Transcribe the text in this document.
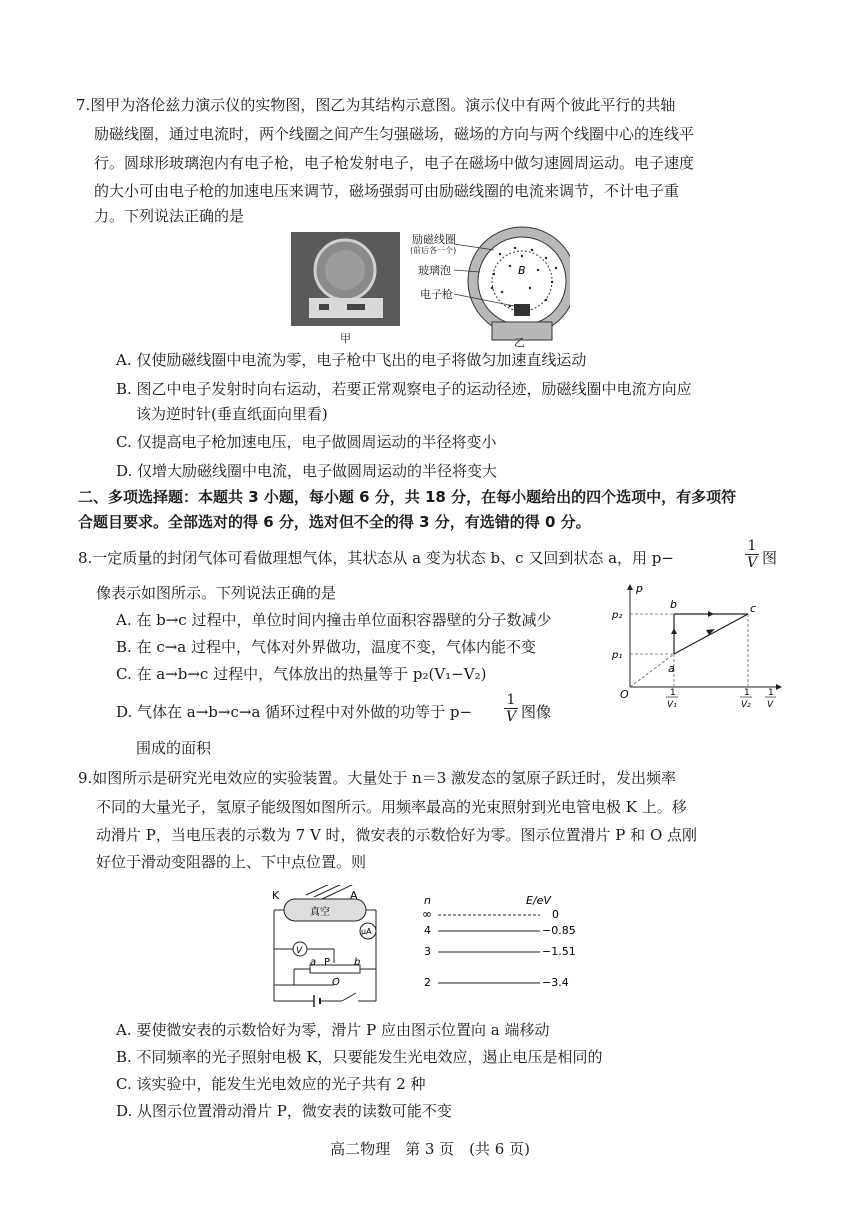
7.图甲为洛伦兹力演示仪的实物图，图乙为其结构示意图。演示仪中有两个彼此平行的共轴
励磁线圈，通过电流时，两个线圈之间产生匀强磁场，磁场的方向与两个线圈中心的连线平
行。圆球形玻璃泡内有电子枪，电子枪发射电子，电子在磁场中做匀速圆周运动。电子速度
的大小可由电子枪的加速电压来调节，磁场强弱可由励磁线圈的电流来调节，不计电子重
力。下列说法正确的是
甲
B
励磁线圈
(前后各一个)
玻璃泡
电子枪
乙
A. 仅使励磁线圈中电流为零，电子枪中飞出的电子将做匀加速直线运动
B. 图乙中电子发射时向右运动，若要正常观察电子的运动径迹，励磁线圈中电流方向应
该为逆时针(垂直纸面向里看)
C. 仅提高电子枪加速电压，电子做圆周运动的半径将变小
D. 仅增大励磁线圈中电流，电子做圆周运动的半径将变大
二、多项选择题：本题共 3 小题，每小题 6 分，共 18 分，在每小题给出的四个选项中，有多项符
合题目要求。全部选对的得 6 分，选对但不全的得 3 分，有选错的得 0 分。
8.一定质量的封闭气体可看做理想气体，其状态从 a 变为状态 b、c 又回到状态 a，用 p−	$\frac{1}{V}$ 图
像表示如图所示。下列说法正确的是
A. 在 b→c 过程中，单位时间内撞击单位面积容器壁的分子数减少
B. 在 c→a 过程中，气体对外界做功，温度不变，气体内能不变
C. 在 a→b→c 过程中，气体放出的热量等于 p₂(V₁−V₂)
D. 气体在 a→b→c→a 循环过程中对外做的功等于 $p- \frac{1}{V}$ 图像
围成的面积
p
p₂
p₁
O
a
b	c
1
V₁
1
V₂
1
V
9.如图所示是研究光电效应的实验装置。大量处于 n＝3 激发态的氢原子跃迁时，发出频率
不同的大量光子，氢原子能级图如图所示。用频率最高的光束照射到光电管电极 K 上。移
动滑片 P，当电压表的示数为 7 V 时，微安表的示数恰好为零。图示位置滑片 P 和 O 点刚
好位于滑动变阻器的上、下中点位置。则
K	A
真空
μA
V
a P b
O
n	E/eV
∞	0
4	−0.85
3	−1.51
2	−3.4
A. 要使微安表的示数恰好为零，滑片 P 应由图示位置向 a 端移动
B. 不同频率的光子照射电极 K，只要能发生光电效应，遏止电压是相同的
C. 该实验中，能发生光电效应的光子共有 2 种
D. 从图示位置滑动滑片 P，微安表的读数可能不变
高二物理　第 3 页　(共 6 页)
